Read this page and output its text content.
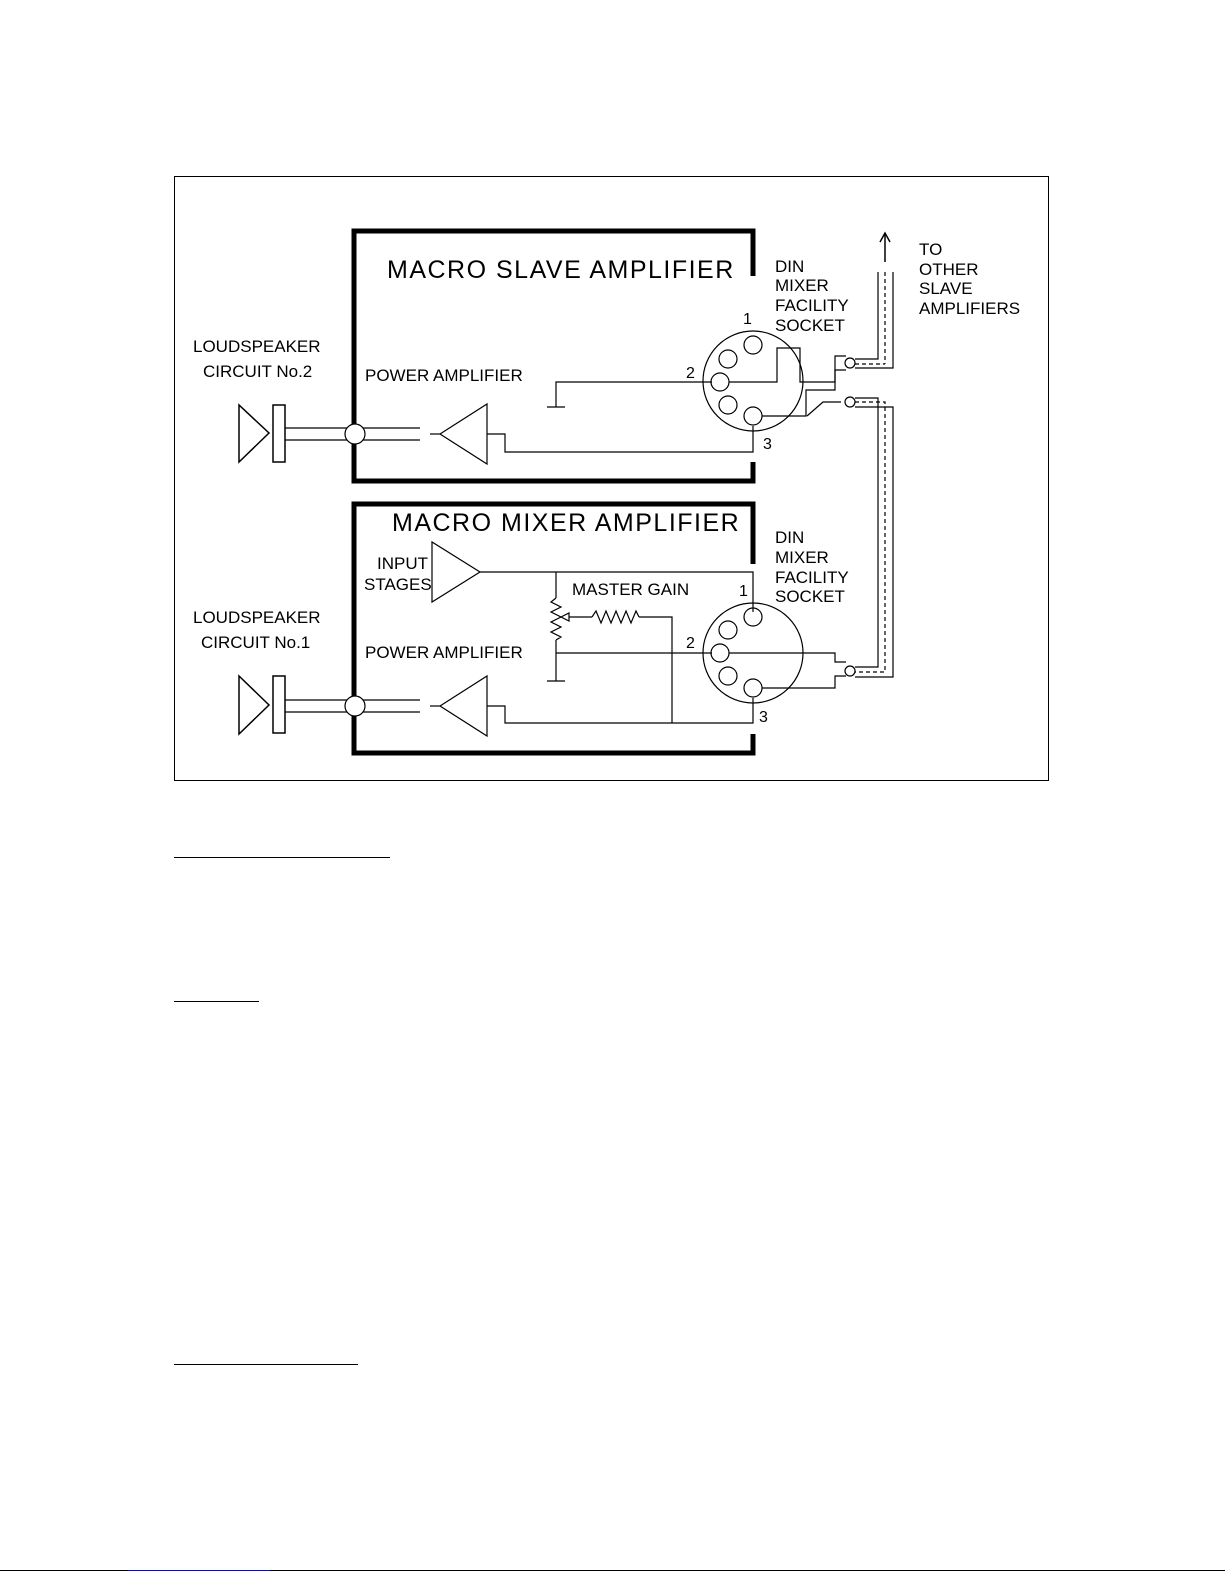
MACRO SLAVE AMPLIFIER DIN
MIXER
FACILITY
SOCKET
TO
OTHER
SLAVE
AMPLIFIERS
LOUDSPEAKER
CIRCUIT No.2	POWER AMPLIFIER
1
2
3
MACRO MIXER AMPLIFIER
DIN
MIXER
FACILITY
SOCKET
INPUT
STAGES	MASTER GAIN
LOUDSPEAKER
CIRCUIT No.1
POWER AMPLIFIER
1
2
3
